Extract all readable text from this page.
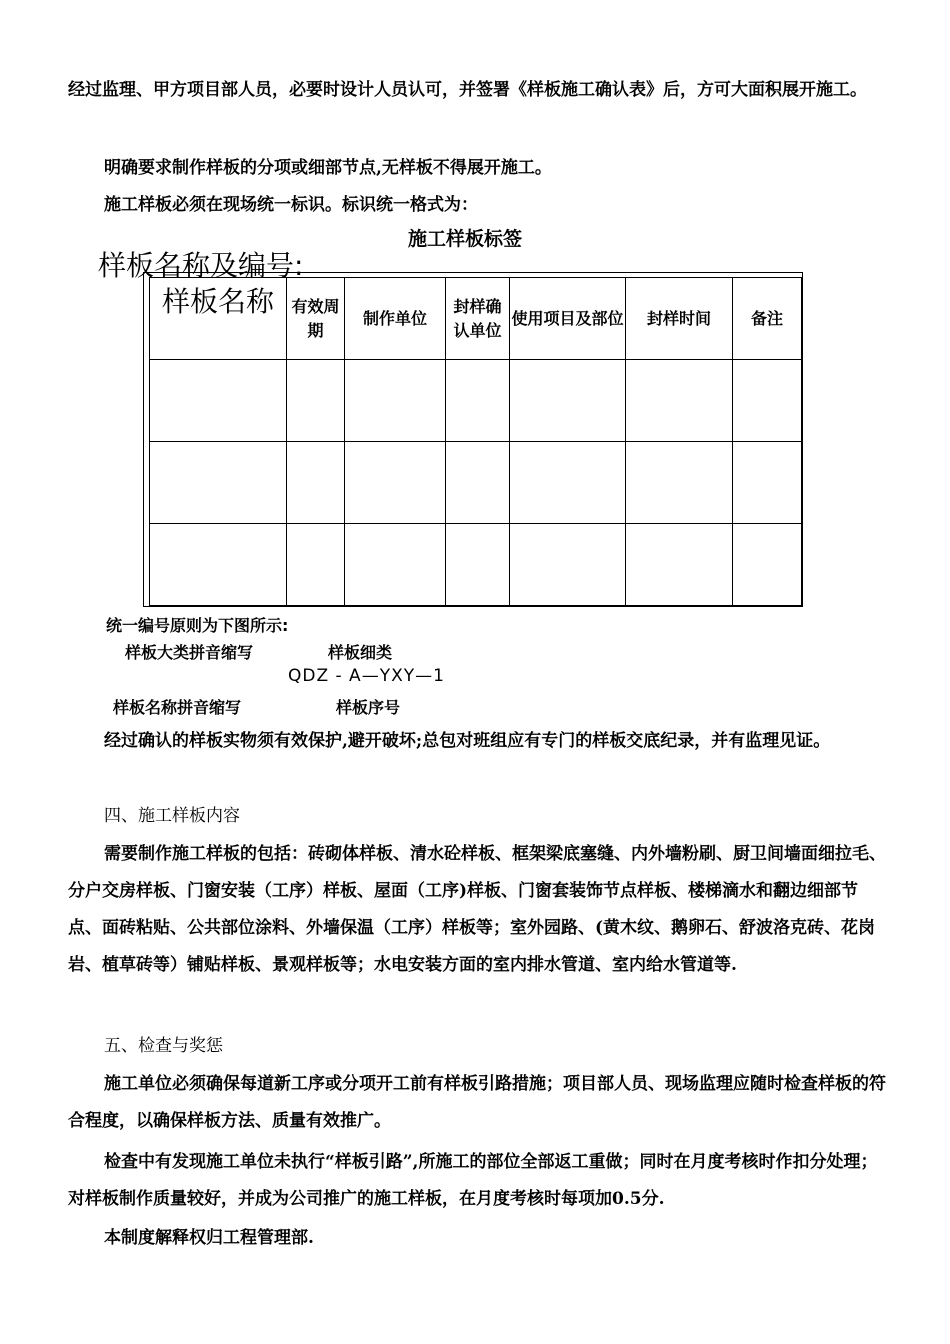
经过监理、甲方项目部人员，必要时设计人员认可，并签署《样板施工确认表》后，方可大面积展开施工。

明确要求制作样板的分项或细部节点,无样板不得展开施工。

施工样板必须在现场统一标识。标识统一格式为：

施工样板标签
样板名称及编号:
样板名称	有效周期	制作单位	封样确认单位	使用项目及部位	封样时间	备注

统一编号原则为下图所示:
样板大类拼音缩写	样板细类
QDZ - A—YXY—1
样板名称拼音缩写	样板序号

经过确认的样板实物须有效保护,避开破坏;总包对班组应有专门的样板交底纪录，并有监理见证。

四、施工样板内容

需要制作施工样板的包括：砖砌体样板、清水砼样板、框架梁底塞缝、内外墙粉刷、厨卫间墙面细拉毛、分户交房样板、门窗安装（工序）样板、屋面（工序)样板、门窗套装饰节点样板、楼梯滴水和翻边细部节点、面砖粘贴、公共部位涂料、外墙保温（工序）样板等；室外园路、(黄木纹、鹅卵石、舒波洛克砖、花岗岩、植草砖等）铺贴样板、景观样板等；水电安装方面的室内排水管道、室内给水管道等.

五、检查与奖惩

施工单位必须确保每道新工序或分项开工前有样板引路措施；项目部人员、现场监理应随时检查样板的符合程度，以确保样板方法、质量有效推广。

检查中有发现施工单位未执行“样板引路”,所施工的部位全部返工重做；同时在月度考核时作扣分处理；对样板制作质量较好，并成为公司推广的施工样板，在月度考核时每项加0.5分.

本制度解释权归工程管理部.
